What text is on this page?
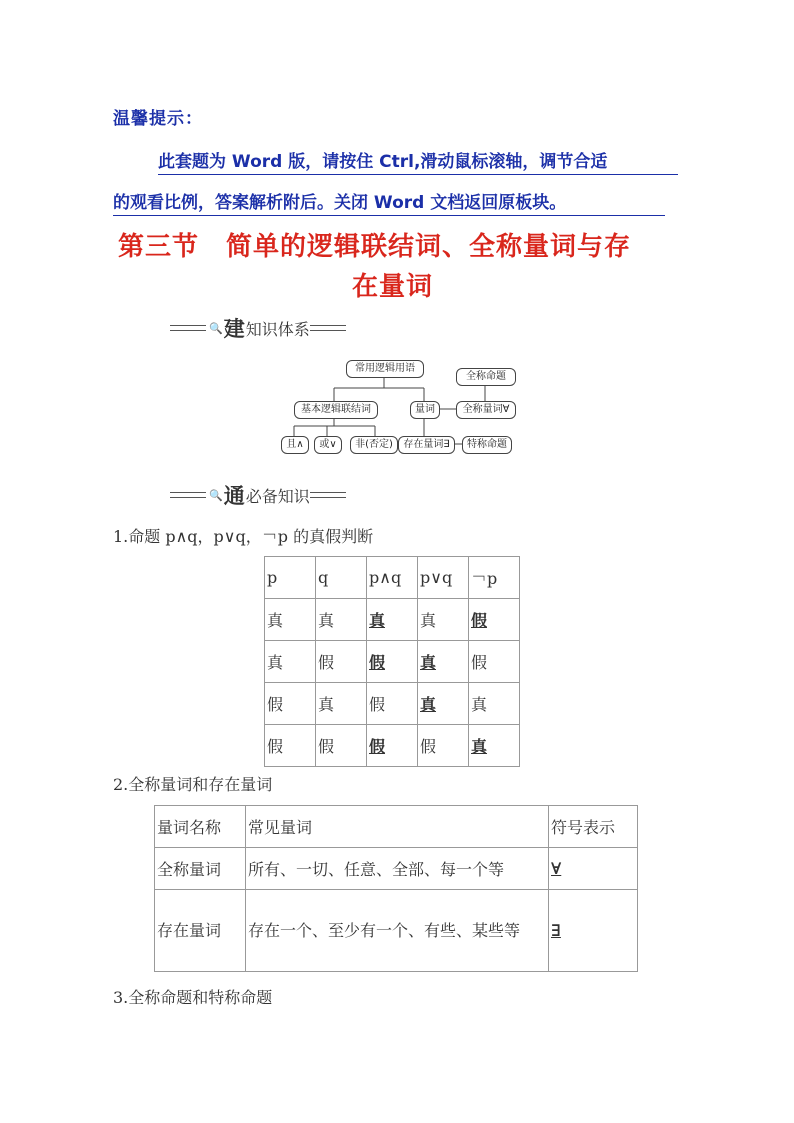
温馨提示：
此套题为 Word 版，请按住 Ctrl,滑动鼠标滚轴，调节合适
的观看比例，答案解析附后。关闭 Word 文档返回原板块。
第三节　简单的逻辑联结词、全称量词与存
在量词
🔍 建 知识体系
常用逻辑用语
全称命题
基本逻辑联结词	量词	全称量词∀
且∧	或∨	非(否定)	存在量词∃	特称命题
🔍 通 必备知识
1.命题 p∧q，p∨q，￢p 的真假判断
p	q	p∧q	p∨q	￢p
真	真	真	真	假
真	假	假	真	假
假	真	假	真	真
假	假	假	假	真
2.全称量词和存在量词
量词名称	常见量词	符号表示
全称量词	所有、一切、任意、全部、每一个等	∀
存在量词	存在一个、至少有一个、有些、某些等	∃
3.全称命题和特称命题
